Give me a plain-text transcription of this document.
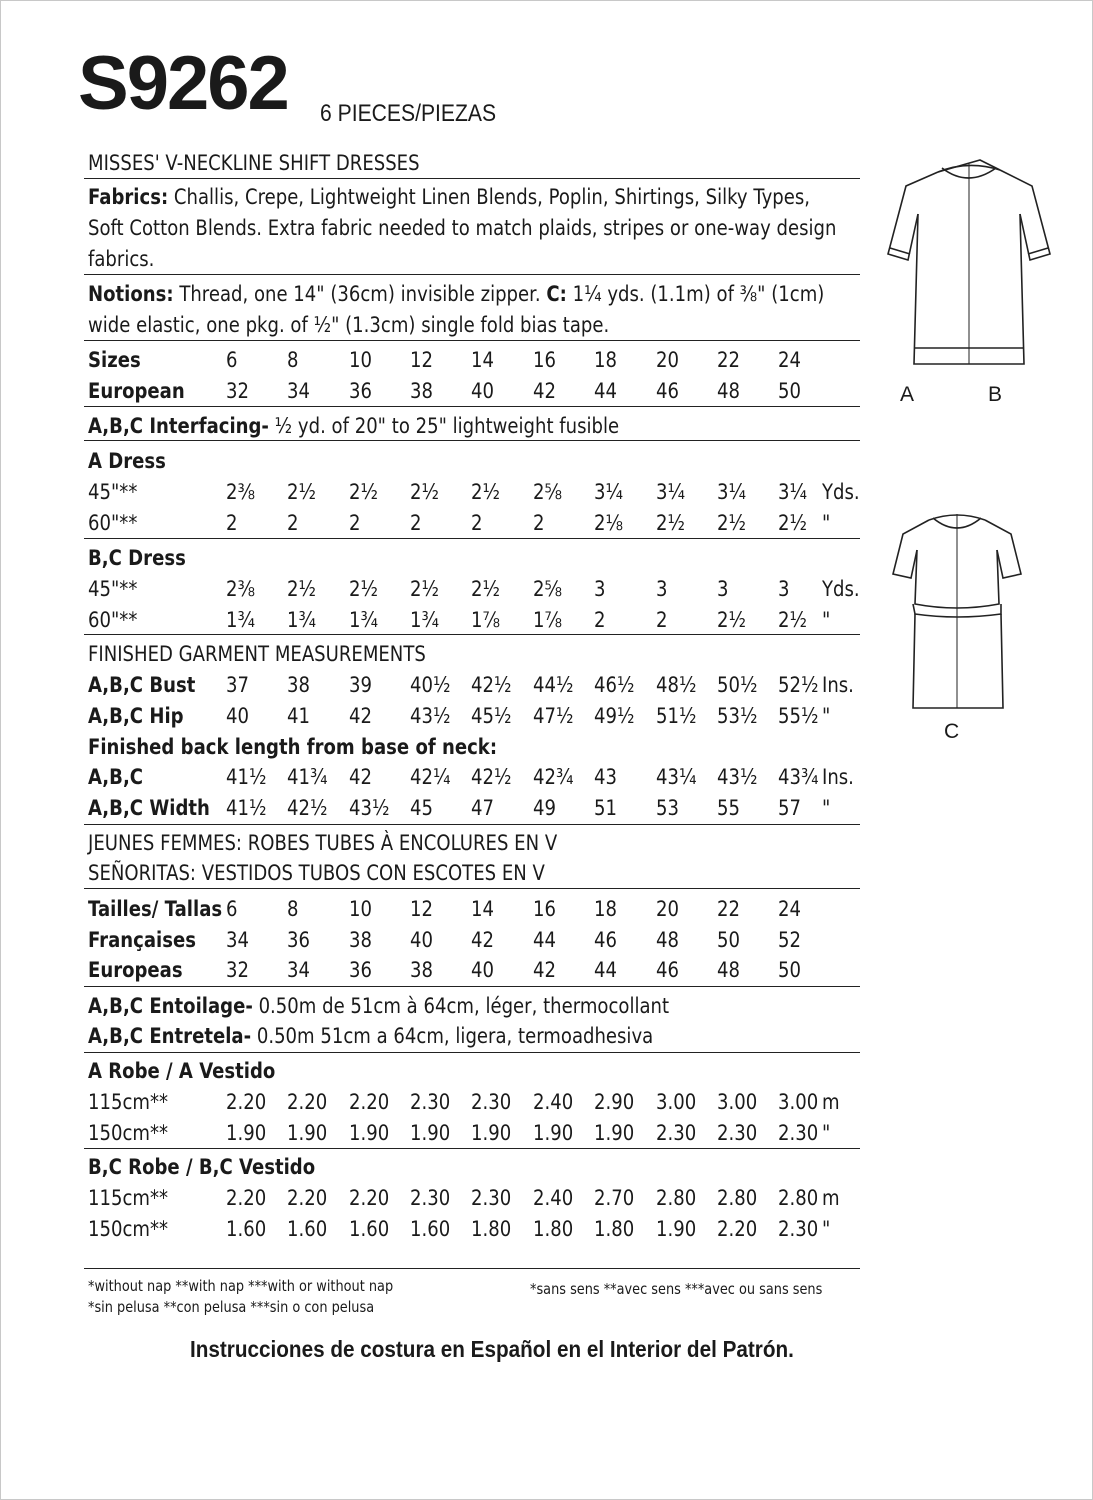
S9262 6 PIECES/PIEZAS
MISSES' V-NECKLINE SHIFT DRESSES
Fabrics: Challis, Crepe, Lightweight Linen Blends, Poplin, Shirtings, Silky Types,
Soft Cotton Blends. Extra fabric needed to match plaids, stripes or one-way design
fabrics.
Notions: Thread, one 14" (36cm) invisible zipper. C: 1¼ yds. (1.1m) of ⅜" (1cm)
wide elastic, one pkg. of ½" (1.3cm) single fold bias tape.
Sizes	6 8 10 12 14 16 18 20 22 24
European 32 34 36 38 40 42 44 46 48 50
A,B,C Interfacing- ½ yd. of 20" to 25" lightweight fusible
A Dress
45"**	2⅜ 2½ 2½ 2½ 2½ 2⅝ 3¼ 3¼ 3¼ 3¼ Yds.
60"**	2 2 2 2 2 2 2⅛ 2½ 2½ 2½ "
B,C Dress
45"**	2⅜ 2½ 2½ 2½ 2½ 2⅝ 3 3 3 3 Yds.
60"**	1¾ 1¾ 1¾ 1¾ 1⅞ 1⅞ 2 2 2½ 2½ "
FINISHED GARMENT MEASUREMENTS
A,B,C Bust 37 38 39 40½ 42½ 44½ 46½ 48½ 50½ 52½ Ins.
A,B,C Hip 40 41 42 43½ 45½ 47½ 49½ 51½ 53½ 55½ "
Finished back length from base of neck:
A,B,C	41½ 41¾ 42 42¼ 42½ 42¾ 43 43¼ 43½ 43¾ Ins.
A,B,C Width 41½ 42½ 43½ 45 47 49 51 53 55 57 "
JEUNES FEMMES: ROBES TUBES À ENCOLURES EN V
SEÑORITAS: VESTIDOS TUBOS CON ESCOTES EN V
Tailles/ Tallas 6 8 10 12 14 16 18 20 22 24
Françaises 34 36 38 40 42 44 46 48 50 52
Europeas 32 34 36 38 40 42 44 46 48 50
A,B,C Entoilage- 0.50m de 51cm à 64cm, léger, thermocollant
A,B,C Entretela- 0.50m 51cm a 64cm, ligera, termoadhesiva
A Robe / A Vestido
115cm**	2.20 2.20 2.20 2.30 2.30 2.40 2.90 3.00 3.00 3.00 m
150cm**	1.90 1.90 1.90 1.90 1.90 1.90 1.90 2.30 2.30 2.30 "
B,C Robe / B,C Vestido
115cm**	2.20 2.20 2.20 2.30 2.30 2.40 2.70 2.80 2.80 2.80 m
150cm**	1.60 1.60 1.60 1.60 1.80 1.80 1.80 1.90 2.20 2.30 "
*without nap **with nap ***with or without nap
*sin pelusa **con pelusa ***sin o con pelusa
*sans sens **avec sens ***avec ou sans sens
Instrucciones de costura en Español en el Interior del Patrón.
A	B
C
